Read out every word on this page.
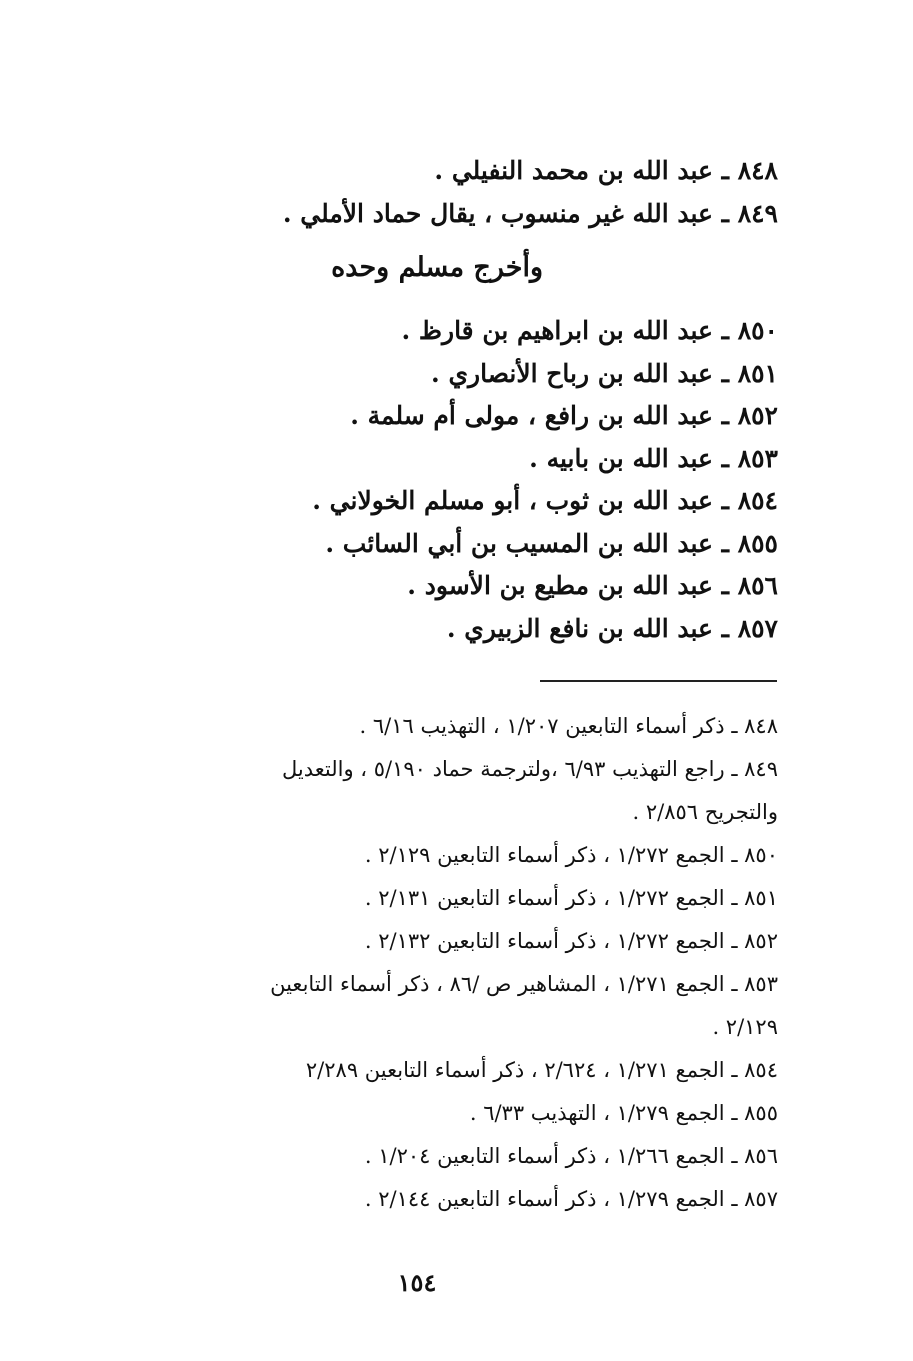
٨٤٨ ـ عبد الله بن محمد النفيلي .
٨٤٩ ـ عبد الله غير منسوب ، يقال حماد الأملي .
وأخرج مسلم وحده
٨٥٠ ـ عبد الله بن ابراهيم بن قارظ .
٨٥١ ـ عبد الله بن رباح الأنصاري .
٨٥٢ ـ عبد الله بن رافع ، مولى أم سلمة .
٨٥٣ ـ عبد الله بن بابيه .
٨٥٤ ـ عبد الله بن ثوب ، أبو مسلم الخولاني .
٨٥٥ ـ عبد الله بن المسيب بن أبي السائب .
٨٥٦ ـ عبد الله بن مطيع بن الأسود .
٨٥٧ ـ عبد الله بن نافع الزبيري .
٨٤٨ ـ ذكر أسماء التابعين ١/٢٠٧ ، التهذيب ٦/١٦ .
٨٤٩ ـ راجع التهذيب ٦/٩٣ ،ولترجمة حماد ٥/١٩٠ ، والتعديل
والتجريح ٢/٨٥٦ .
٨٥٠ ـ الجمع ١/٢٧٢ ، ذكر أسماء التابعين ٢/١٢٩ .
٨٥١ ـ الجمع ١/٢٧٢ ، ذكر أسماء التابعين ٢/١٣١ .
٨٥٢ ـ الجمع ١/٢٧٢ ، ذكر أسماء التابعين ٢/١٣٢ .
٨٥٣ ـ الجمع ١/٢٧١ ، المشاهير ص /٨٦ ، ذكر أسماء التابعين
٢/١٢٩ .
٨٥٤ ـ الجمع ١/٢٧١ ، ٢/٦٢٤ ، ذكر أسماء التابعين ٢/٢٨٩
٨٥٥ ـ الجمع ١/٢٧٩ ، التهذيب ٦/٣٣ .
٨٥٦ ـ الجمع ١/٢٦٦ ، ذكر أسماء التابعين ١/٢٠٤ .
٨٥٧ ـ الجمع ١/٢٧٩ ، ذكر أسماء التابعين ٢/١٤٤ .
١٥٤
